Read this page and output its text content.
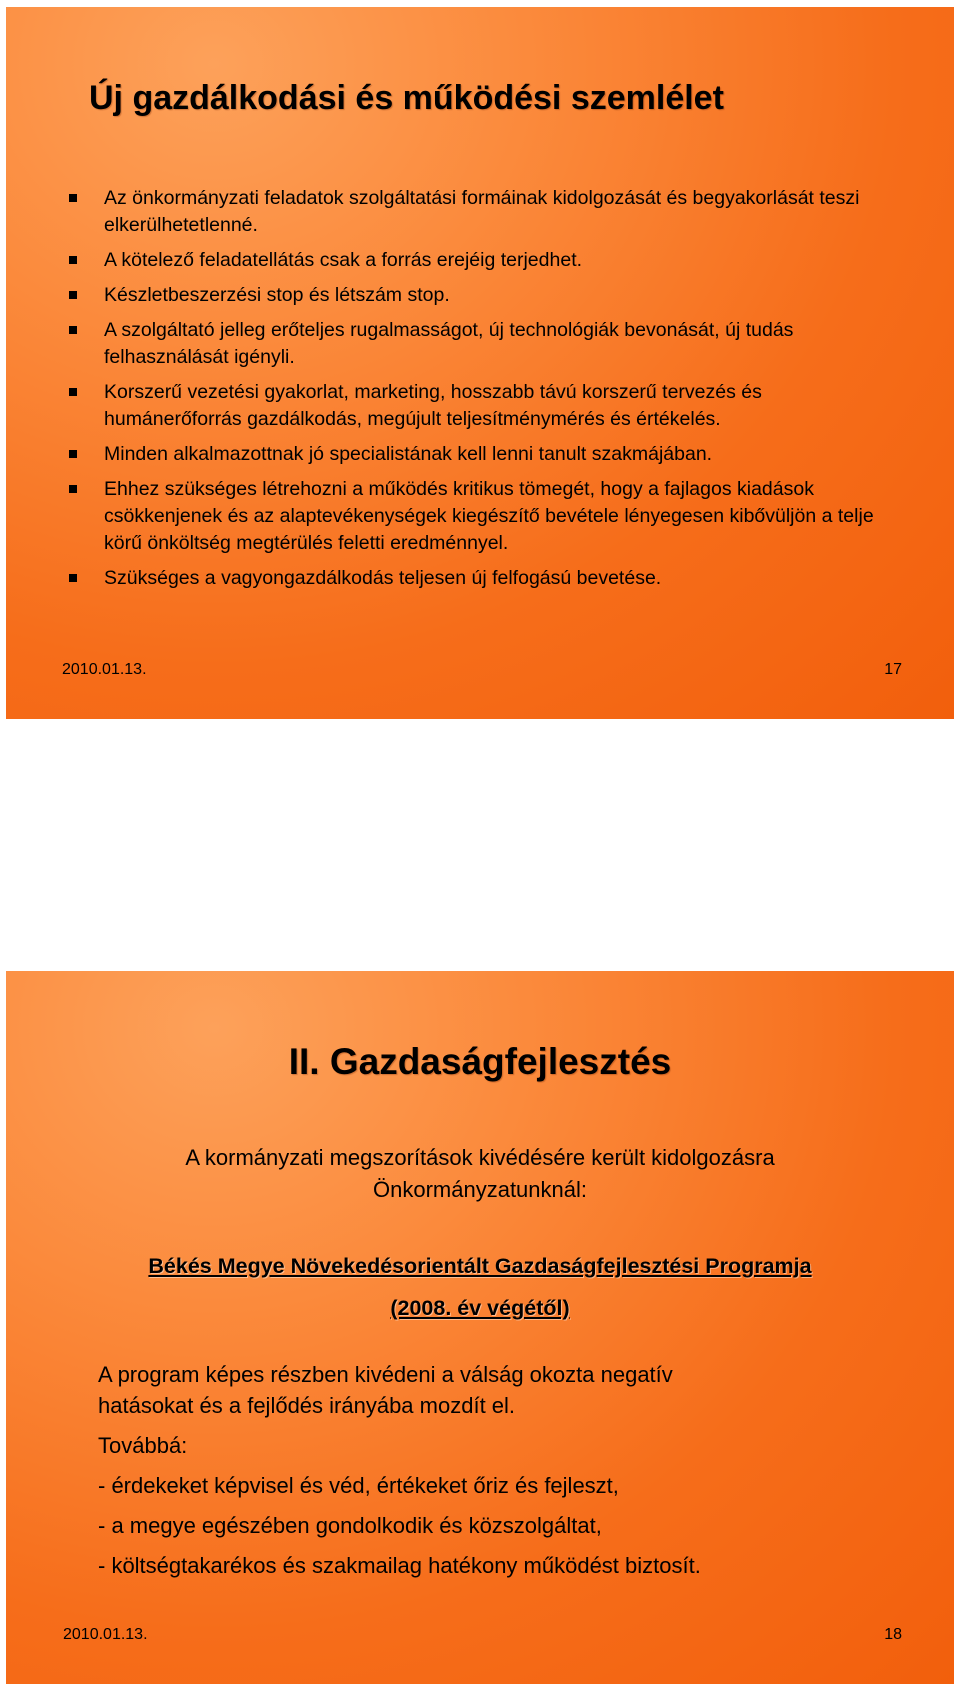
Új gazdálkodási és működési szemlélet
Az önkormányzati feladatok szolgáltatási formáinak kidolgozását és begyakorlását teszi elkerülhetetlenné.
A kötelező feladatellátás csak a forrás erejéig terjedhet.
Készletbeszerzési stop és létszám stop.
A szolgáltató jelleg erőteljes rugalmasságot, új technológiák bevonását, új tudás felhasználását igényli.
Korszerű vezetési gyakorlat, marketing, hosszabb távú korszerű tervezés és humánerőforrás gazdálkodás, megújult teljesítménymérés és értékelés.
Minden alkalmazottnak jó specialistának kell lenni tanult szakmájában.
Ehhez szükséges létrehozni a működés kritikus tömegét, hogy a fajlagos kiadások csökkenjenek és az alaptevékenységek kiegészítő bevétele lényegesen kibővüljön a telje körű önköltség megtérülés feletti eredménnyel.
Szükséges a vagyongazdálkodás teljesen új felfogású bevetése.
2010.01.13.	17
II. Gazdaságfejlesztés
A kormányzati megszorítások kivédésére került kidolgozásra
Önkormányzatunknál:
Békés Megye Növekedésorientált Gazdaságfejlesztési Programja
(2008. év végétől)

A program képes részben kivédeni a válság okozta negatív

hatásokat és a fejlődés irányába mozdít el.

Továbbá:

- érdekeket képvisel és véd, értékeket őriz és fejleszt,

- a megye egészében gondolkodik és közszolgáltat,

- költségtakarékos és szakmailag hatékony működést biztosít.

2010.01.13.	18
